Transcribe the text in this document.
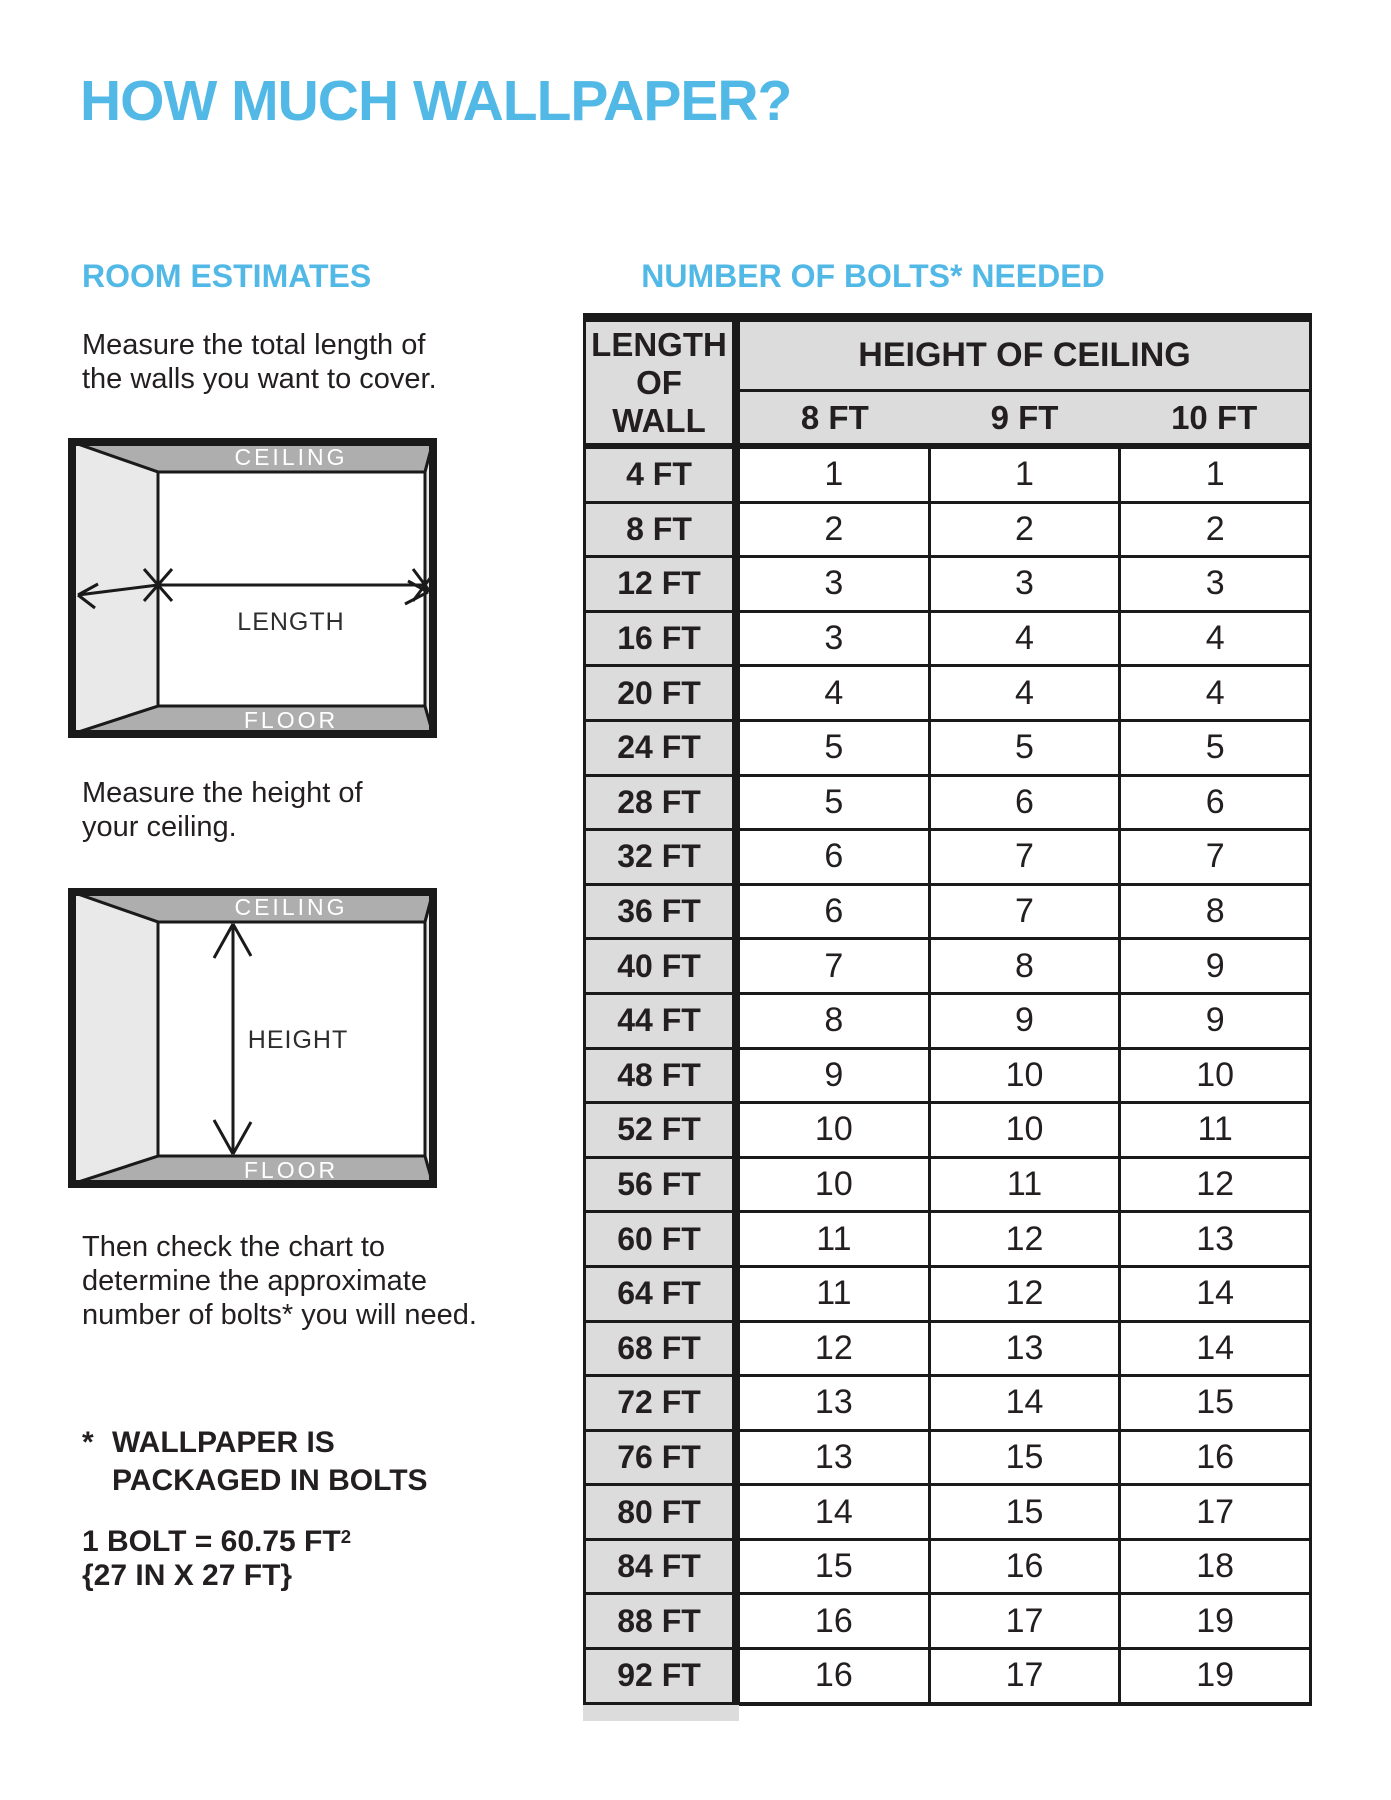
HOW MUCH WALLPAPER?
ROOM ESTIMATES
Measure the total length of
the walls you want to cover.
CEILING
LENGTH
FLOOR
Measure the height of
your ceiling.
CEILING
HEIGHT
FLOOR
Then check the chart to
determine the approximate
number of bolts* you will need.
* WALLPAPER IS
PACKAGED IN BOLTS
1 BOLT = 60.75 $FT^2$
{27 IN X 27 FT}
NUMBER OF BOLTS* NEEDED
LENGTH
OF WALL
HEIGHT OF CEILING
8 FT	9 FT	10 FT
4 FT	1	1	1
8 FT	2	2	2
12 FT	3	3	3
16 FT	3	4	4
20 FT	4	4	4
24 FT	5	5	5
28 FT	5	6	6
32 FT	6	7	7
36 FT	6	7	8
40 FT	7	8	9
44 FT	8	9	9
48 FT	9	10	10
52 FT	10	10	11
56 FT	10	11	12
60 FT	11	12	13
64 FT	11	12	14
68 FT	12	13	14
72 FT	13	14	15
76 FT	13	15	16
80 FT	14	15	17
84 FT	15	16	18
88 FT	16	17	19
92 FT	16	17	19
